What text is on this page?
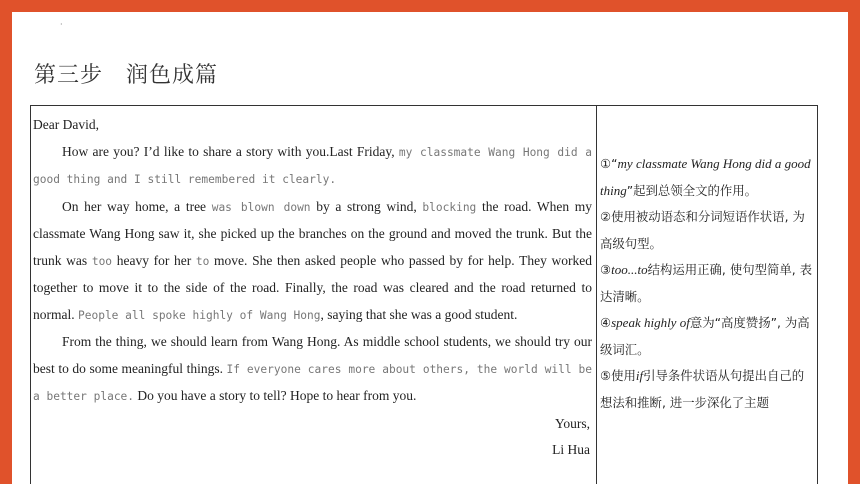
·
第三步　润色成篇

Dear David,

How are you? I’d like to share a story with you.Last Friday, my classmate Wang Hong did a good thing and I still remembered it clearly.

On her way home, a tree was blown down by a strong wind, blocking the road. When my classmate Wang Hong saw it, she picked up the branches on the ground and moved the trunk. But the trunk was too heavy for her to move. She then asked people who passed by for help. They worked together to move it to the side of the road. Finally, the road was cleared and the road returned to normal. People all spoke highly of Wang Hong, saying that she was a good student.

From the thing, we should learn from Wang Hong. As middle school students, we should try our best to do some meaningful things. If everyone cares more about others, the world will be a better place. Do you have a story to tell? Hope to hear from you.

Yours,

Li Hua

①“my classmate Wang Hong did a good thing”起到总领全文的作用。

②使用被动语态和分词短语作状语, 为高级句型。

③too...to结构运用正确, 使句型简单, 表达清晰。

④speak highly of意为“高度赞扬”, 为高级词汇。

⑤使用if引导条件状语从句提出自己的想法和推断, 进一步深化了主题
